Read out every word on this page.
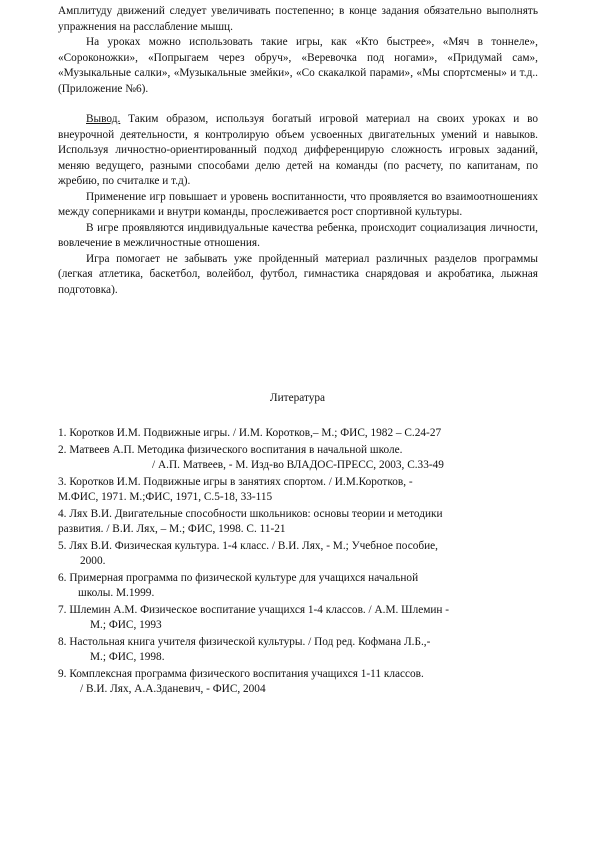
Амплитуду движений следует увеличивать постепенно; в конце задания обязательно выполнять упражнения на расслабление мышц.

На уроках можно использовать такие игры, как «Кто быстрее», «Мяч в тоннеле», «Сороконожки», «Попрыгаем через обруч», «Веревочка под ногами», «Придумай сам», «Музыкальные салки», «Музыкальные змейки», «Со скакалкой парами», «Мы спортсмены» и т.д.. (Приложение №6).

Вывод. Таким образом, используя богатый игровой материал на своих уроках и во внеурочной деятельности, я контролирую объем усвоенных двигательных умений и навыков. Используя личностно-ориентированный подход дифференцирую сложность игровых заданий, меняю ведущего, разными способами делю детей на команды (по расчету, по капитанам, по жребию, по считалке и т.д).

Применение игр повышает и уровень воспитанности, что проявляется во взаимоотношениях между соперниками и внутри команды, прослеживается рост спортивной культуры.

В игре проявляются индивидуальные качества ребенка, происходит социализация личности, вовлечение в межличностные отношения.

Игра помогает не забывать уже пройденный материал различных разделов программы (легкая атлетика, баскетбол, волейбол, футбол, гимнастика снарядовая и акробатика, лыжная подготовка).

Литература
1. Коротков И.М. Подвижные игры. / И.М. Коротков,– М.; ФИС, 1982 – С.24-27
2. Матвеев А.П. Методика физического воспитания в начальной школе.
/ А.П. Матвеев, - М. Изд-во ВЛАДОС-ПРЕСС, 2003, С.33-49
3. Коротков И.М. Подвижные игры в занятиях спортом. / И.М.Коротков, -
М.ФИС, 1971. М.;ФИС, 1971, С.5-18, 33-115
4. Лях В.И. Двигательные способности школьников: основы теории и методики
развития. / В.И. Лях, – М.; ФИС, 1998. С. 11-21
5. Лях В.И. Физическая культура. 1-4 класс. / В.И. Лях, - М.; Учебное пособие,
2000.
6. Примерная программа по физической культуре для учащихся начальной
школы. М.1999.
7. Шлемин А.М. Физическое воспитание учащихся 1-4 классов. / А.М. Шлемин -
М.; ФИС, 1993
8. Настольная книга учителя физической культуры. / Под ред. Кофмана Л.Б.,-
М.; ФИС, 1998.
9. Комплексная программа физического воспитания учащихся 1-11 классов.
/ В.И. Лях, А.А.Зданевич, - ФИС, 2004
